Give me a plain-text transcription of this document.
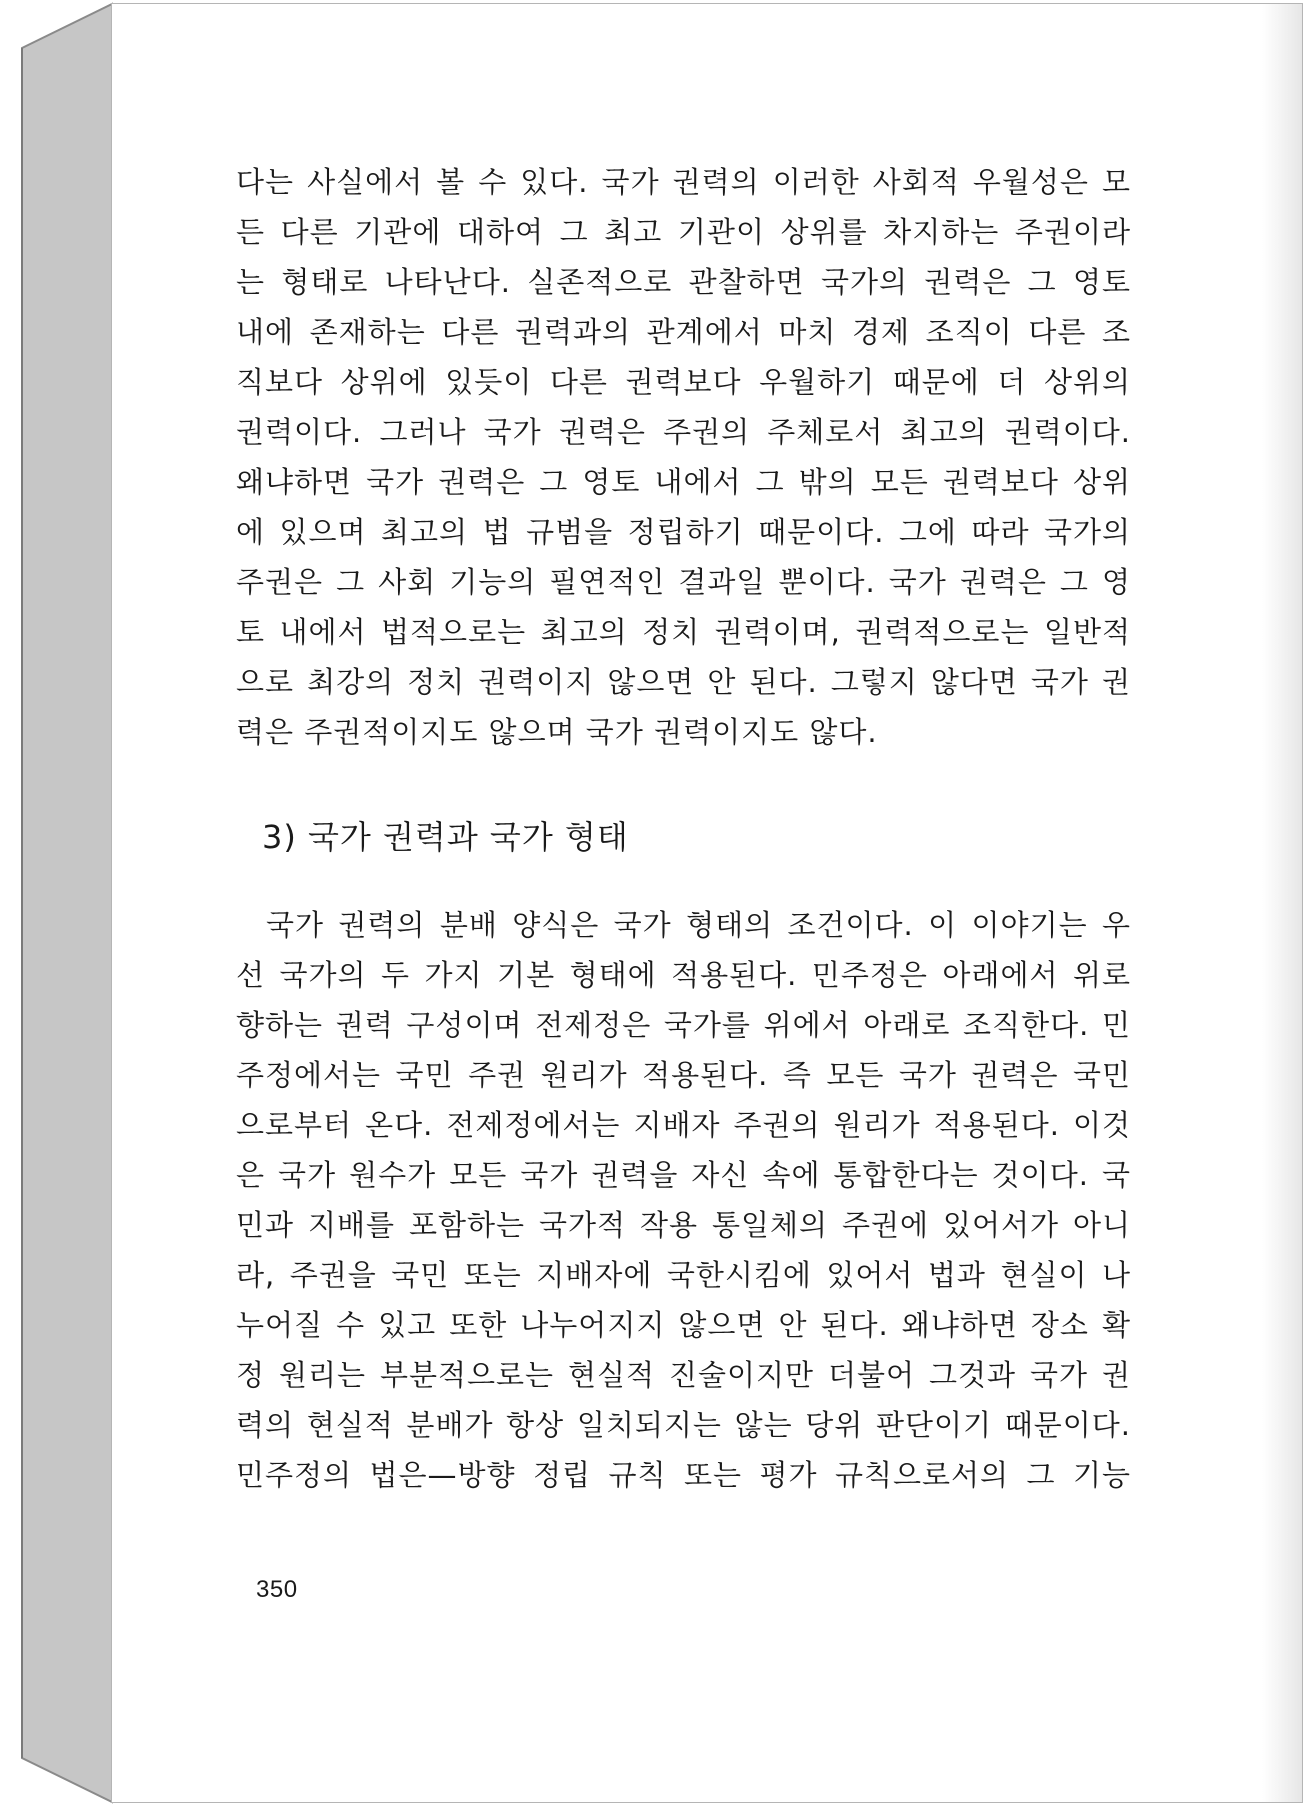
다는 사실에서 볼 수 있다. 국가 권력의 이러한 사회적 우월성은 모
든 다른 기관에 대하여 그 최고 기관이 상위를 차지하는 주권이라
는 형태로 나타난다. 실존적으로 관찰하면 국가의 권력은 그 영토
내에 존재하는 다른 권력과의 관계에서 마치 경제 조직이 다른 조
직보다 상위에 있듯이 다른 권력보다 우월하기 때문에 더 상위의
권력이다. 그러나 국가 권력은 주권의 주체로서 최고의 권력이다.
왜냐하면 국가 권력은 그 영토 내에서 그 밖의 모든 권력보다 상위
에 있으며 최고의 법 규범을 정립하기 때문이다. 그에 따라 국가의
주권은 그 사회 기능의 필연적인 결과일 뿐이다. 국가 권력은 그 영
토 내에서 법적으로는 최고의 정치 권력이며, 권력적으로는 일반적
으로 최강의 정치 권력이지 않으면 안 된다. 그렇지 않다면 국가 권
력은 주권적이지도 않으며 국가 권력이지도 않다.
3) 국가 권력과 국가 형태
국가 권력의 분배 양식은 국가 형태의 조건이다. 이 이야기는 우
선 국가의 두 가지 기본 형태에 적용된다. 민주정은 아래에서 위로
향하는 권력 구성이며 전제정은 국가를 위에서 아래로 조직한다. 민
주정에서는 국민 주권 원리가 적용된다. 즉 모든 국가 권력은 국민
으로부터 온다. 전제정에서는 지배자 주권의 원리가 적용된다. 이것
은 국가 원수가 모든 국가 권력을 자신 속에 통합한다는 것이다. 국
민과 지배를 포함하는 국가적 작용 통일체의 주권에 있어서가 아니
라, 주권을 국민 또는 지배자에 국한시킴에 있어서 법과 현실이 나
누어질 수 있고 또한 나누어지지 않으면 안 된다. 왜냐하면 장소 확
정 원리는 부분적으로는 현실적 진술이지만 더불어 그것과 국가 권
력의 현실적 분배가 항상 일치되지는 않는 당위 판단이기 때문이다.
민주정의 법은—방향 정립 규칙 또는 평가 규칙으로서의 그 기능
350
